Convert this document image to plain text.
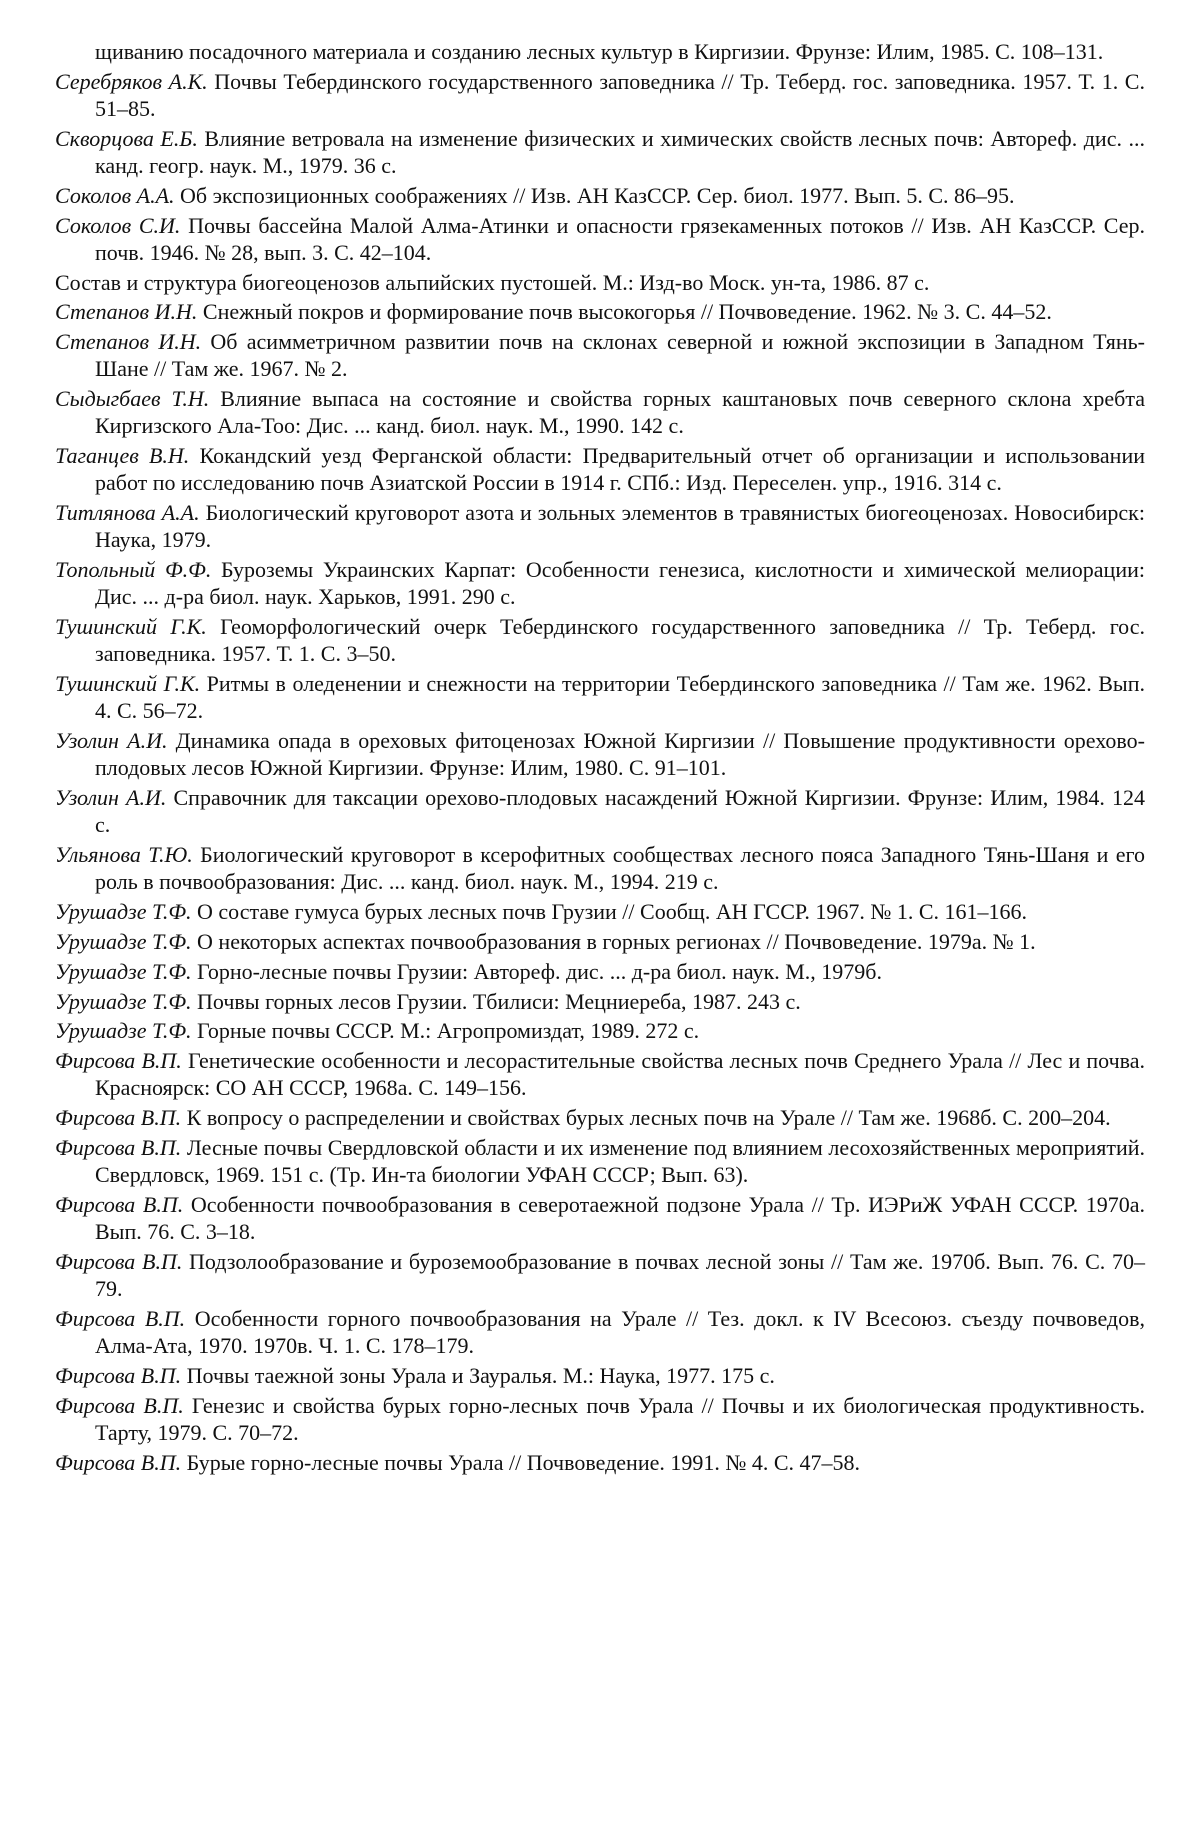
щиванию посадочного материала и созданию лесных культур в Киргизии. Фрунзе: Илим, 1985. С. 108–131.

Серебряков А.К. Почвы Тебердинского государственного заповедника // Тр. Теберд. гос. заповедника. 1957. Т. 1. С. 51–85.

Скворцова Е.Б. Влияние ветровала на изменение физических и химических свойств лесных почв: Автореф. дис. ... канд. геогр. наук. М., 1979. 36 с.

Соколов А.А. Об экспозиционных соображениях // Изв. АН КазССР. Сер. биол. 1977. Вып. 5. С. 86–95.

Соколов С.И. Почвы бассейна Малой Алма-Атинки и опасности грязекаменных потоков // Изв. АН КазССР. Сер. почв. 1946. № 28, вып. 3. С. 42–104.

Состав и структура биогеоценозов альпийских пустошей. М.: Изд-во Моск. ун-та, 1986. 87 с.

Степанов И.Н. Снежный покров и формирование почв высокогорья // Почвоведение. 1962. № 3. С. 44–52.

Степанов И.Н. Об асимметричном развитии почв на склонах северной и южной экспозиции в Западном Тянь-Шане // Там же. 1967. № 2.

Сыдыгбаев Т.Н. Влияние выпаса на состояние и свойства горных каштановых почв северного склона хребта Киргизского Ала-Тоо: Дис. ... канд. биол. наук. М., 1990. 142 с.

Таганцев В.Н. Кокандский уезд Ферганской области: Предварительный отчет об организации и использовании работ по исследованию почв Азиатской России в 1914 г. СПб.: Изд. Переселен. упр., 1916. 314 с.

Титлянова А.А. Биологический круговорот азота и зольных элементов в травянистых биогеоценозах. Новосибирск: Наука, 1979.

Топольный Ф.Ф. Буроземы Украинских Карпат: Особенности генезиса, кислотности и химической мелиорации: Дис. ... д-ра биол. наук. Харьков, 1991. 290 с.

Тушинский Г.К. Геоморфологический очерк Тебердинского государственного заповедника // Тр. Теберд. гос. заповедника. 1957. Т. 1. С. 3–50.

Тушинский Г.К. Ритмы в оледенении и снежности на территории Тебердинского заповедника // Там же. 1962. Вып. 4. С. 56–72.

Узолин А.И. Динамика опада в ореховых фитоценозах Южной Киргизии // Повышение продуктивности орехово-плодовых лесов Южной Киргизии. Фрунзе: Илим, 1980. С. 91–101.

Узолин А.И. Справочник для таксации орехово-плодовых насаждений Южной Киргизии. Фрунзе: Илим, 1984. 124 с.

Ульянова Т.Ю. Биологический круговорот в ксерофитных сообществах лесного пояса Западного Тянь-Шаня и его роль в почвообразования: Дис. ... канд. биол. наук. М., 1994. 219 с.

Урушадзе Т.Ф. О составе гумуса бурых лесных почв Грузии // Сообщ. АН ГССР. 1967. № 1. С. 161–166.

Урушадзе Т.Ф. О некоторых аспектах почвообразования в горных регионах // Почвоведение. 1979а. № 1.

Урушадзе Т.Ф. Горно-лесные почвы Грузии: Автореф. дис. ... д-ра биол. наук. М., 1979б.

Урушадзе Т.Ф. Почвы горных лесов Грузии. Тбилиси: Мецниереба, 1987. 243 с.

Урушадзе Т.Ф. Горные почвы СССР. М.: Агропромиздат, 1989. 272 с.

Фирсова В.П. Генетические особенности и лесорастительные свойства лесных почв Среднего Урала // Лес и почва. Красноярск: СО АН СССР, 1968а. С. 149–156.

Фирсова В.П. К вопросу о распределении и свойствах бурых лесных почв на Урале // Там же. 1968б. С. 200–204.

Фирсова В.П. Лесные почвы Свердловской области и их изменение под влиянием лесохозяйственных мероприятий. Свердловск, 1969. 151 с. (Тр. Ин-та биологии УФАН СССР; Вып. 63).

Фирсова В.П. Особенности почвообразования в северотаежной подзоне Урала // Тр. ИЭРиЖ УФАН СССР. 1970а. Вып. 76. С. 3–18.

Фирсова В.П. Подзолообразование и буроземообразование в почвах лесной зоны // Там же. 1970б. Вып. 76. С. 70–79.

Фирсова В.П. Особенности горного почвообразования на Урале // Тез. докл. к IV Всесоюз. съезду почвоведов, Алма-Ата, 1970. 1970в. Ч. 1. С. 178–179.

Фирсова В.П. Почвы таежной зоны Урала и Зауралья. М.: Наука, 1977. 175 с.

Фирсова В.П. Генезис и свойства бурых горно-лесных почв Урала // Почвы и их биологическая продуктивность. Тарту, 1979. С. 70–72.

Фирсова В.П. Бурые горно-лесные почвы Урала // Почвоведение. 1991. № 4. С. 47–58.
